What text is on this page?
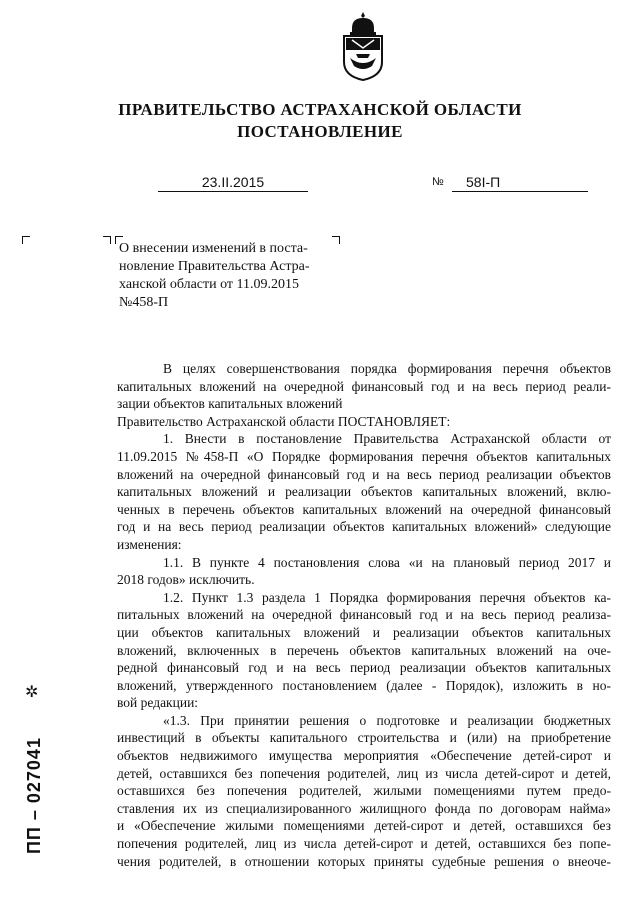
ПРАВИТЕЛЬСТВО АСТРАХАНСКОЙ ОБЛАСТИ
ПОСТАНОВЛЕНИЕ
23.II.2015	№	58I-П
О внесении изменений в поста-
новление Правительства Астра-
ханской области от 11.09.2015
№458-П
В целях совершенствования порядка формирования перечня объектов
капитальных вложений на очередной финансовый год и на весь период реали-
зации объектов капитальных вложений
Правительство Астраханской области ПОСТАНОВЛЯЕТ:
1. Внести в постановление Правительства Астраханской области от
11.09.2015 №458-П «О Порядке формирования перечня объектов капитальных
вложений на очередной финансовый год и на весь период реализации объектов
капитальных вложений и реализации объектов капитальных вложений, вклю-
ченных в перечень объектов капитальных вложений на очередной финансовый
год и на весь период реализации объектов капитальных вложений» следующие
изменения:
1.1. В пункте 4 постановления слова «и на плановый период 2017 и
2018 годов» исключить.
1.2. Пункт 1.3 раздела 1 Порядка формирования перечня объектов ка-
питальных вложений на очередной финансовый год и на весь период реализа-
ции объектов капитальных вложений и реализации объектов капитальных
вложений, включенных в перечень объектов капитальных вложений на оче-
редной финансовый год и на весь период реализации объектов капитальных
вложений, утвержденного постановлением (далее - Порядок), изложить в но-
вой редакции:
«1.3. При принятии решения о подготовке и реализации бюджетных
инвестиций в объекты капитального строительства и (или) на приобретение
объектов недвижимого имущества мероприятия «Обеспечение детей-сирот и
детей, оставшихся без попечения родителей, лиц из числа детей-сирот и детей,
оставшихся без попечения родителей, жилыми помещениями путем предо-
ставления их из специализированного жилищного фонда по договорам найма»
и «Обеспечение жилыми помещениями детей-сирот и детей, оставшихся без
попечения родителей, лиц из числа детей-сирот и детей, оставшихся без попе-
чения родителей, в отношении которых приняты судебные решения о внеоче-
✲
ПП – 027041
